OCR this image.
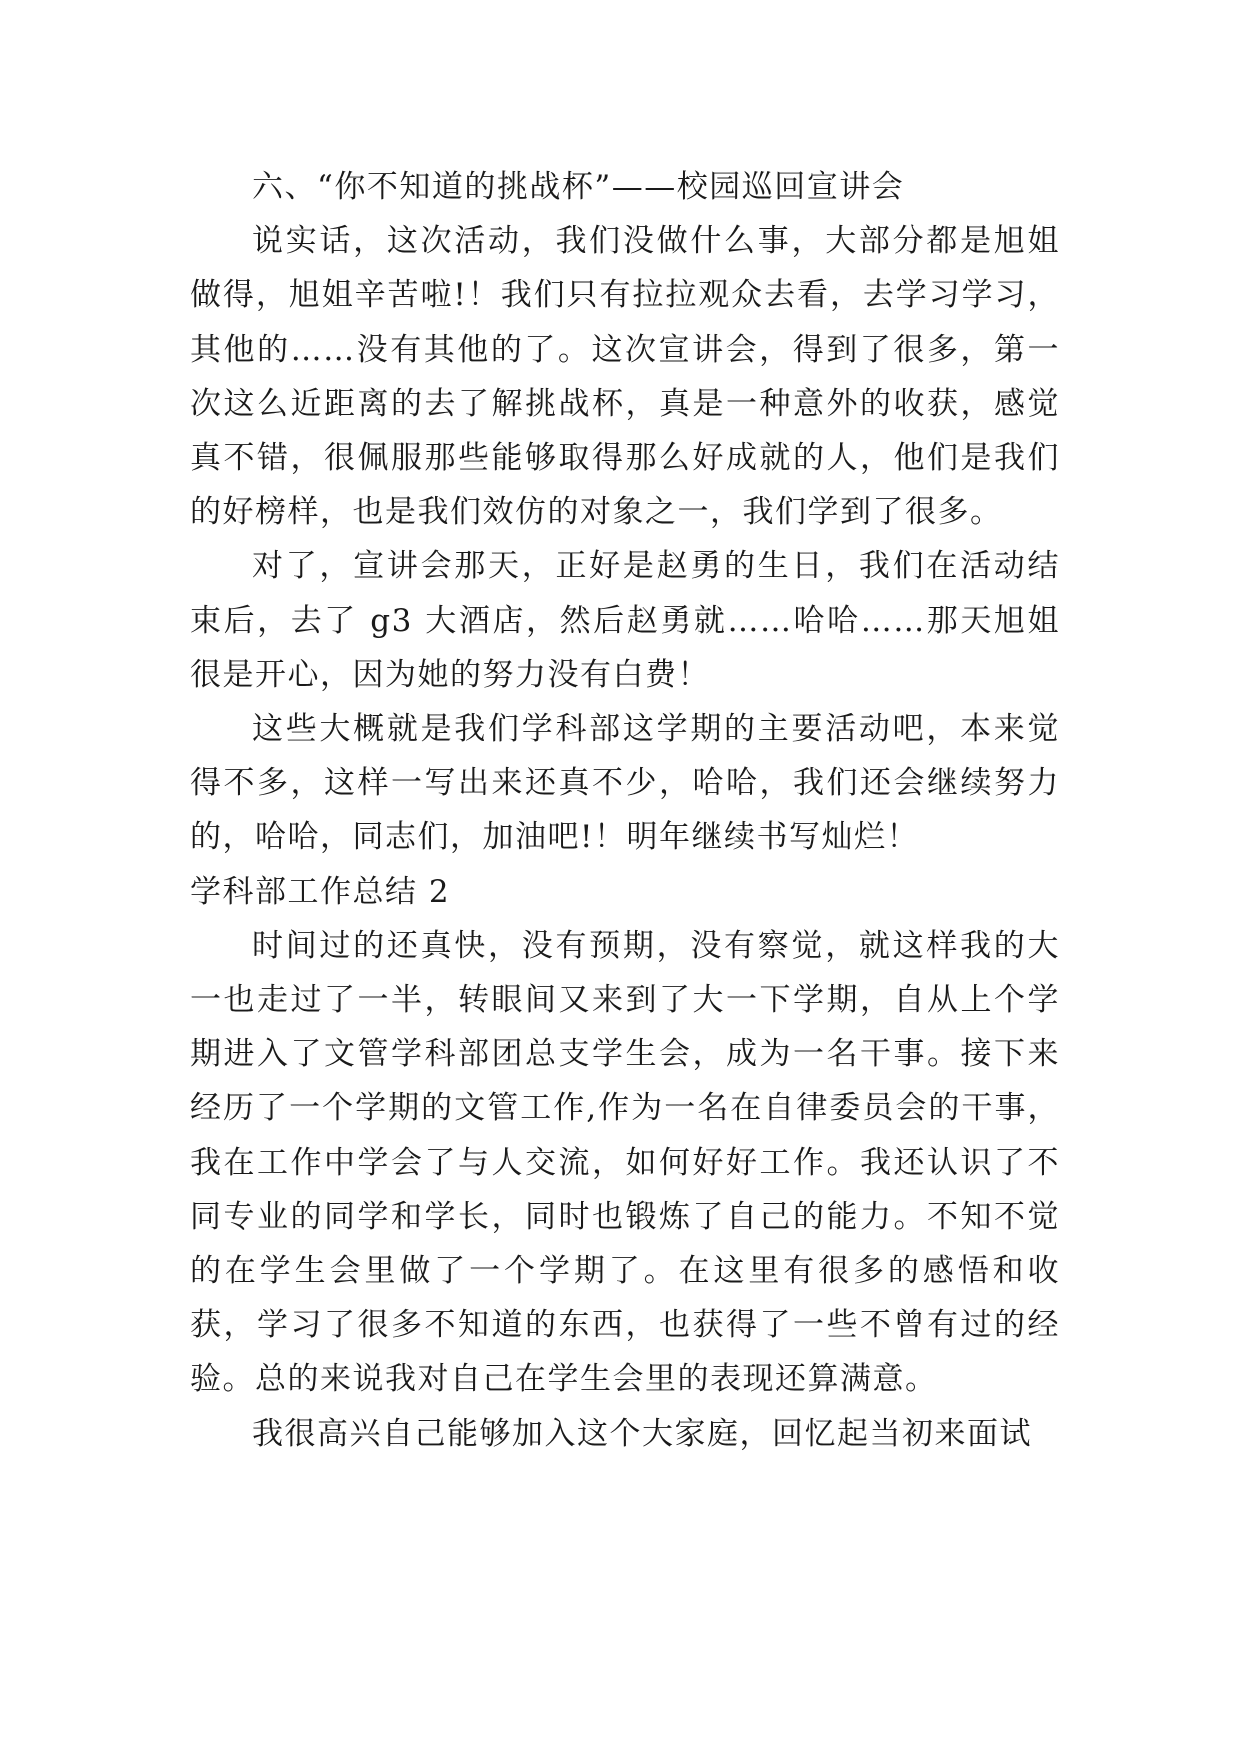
六、“你不知道的挑战杯”——校园巡回宣讲会

说实话，这次活动，我们没做什么事，大部分都是旭姐做得，旭姐辛苦啦!！我们只有拉拉观众去看，去学习学习，其他的……没有其他的了。这次宣讲会，得到了很多，第一次这么近距离的去了解挑战杯，真是一种意外的收获，感觉真不错，很佩服那些能够取得那么好成就的人，他们是我们的好榜样，也是我们效仿的对象之一，我们学到了很多。

对了，宣讲会那天，正好是赵勇的生日，我们在活动结束后，去了 g3 大酒店，然后赵勇就……哈哈……那天旭姐很是开心，因为她的努力没有白费！

这些大概就是我们学科部这学期的主要活动吧，本来觉得不多，这样一写出来还真不少，哈哈，我们还会继续努力的，哈哈，同志们，加油吧!！明年继续书写灿烂！

学科部工作总结 2

时间过的还真快，没有预期，没有察觉，就这样我的大一也走过了一半，转眼间又来到了大一下学期，自从上个学期进入了文管学科部团总支学生会，成为一名干事。接下来经历了一个学期的文管工作,作为一名在自律委员会的干事，我在工作中学会了与人交流，如何好好工作。我还认识了不同专业的同学和学长，同时也锻炼了自己的能力。不知不觉的在学生会里做了一个学期了。在这里有很多的感悟和收获，学习了很多不知道的东西，也获得了一些不曾有过的经验。总的来说我对自己在学生会里的表现还算满意。

我很高兴自己能够加入这个大家庭，回忆起当初来面试
